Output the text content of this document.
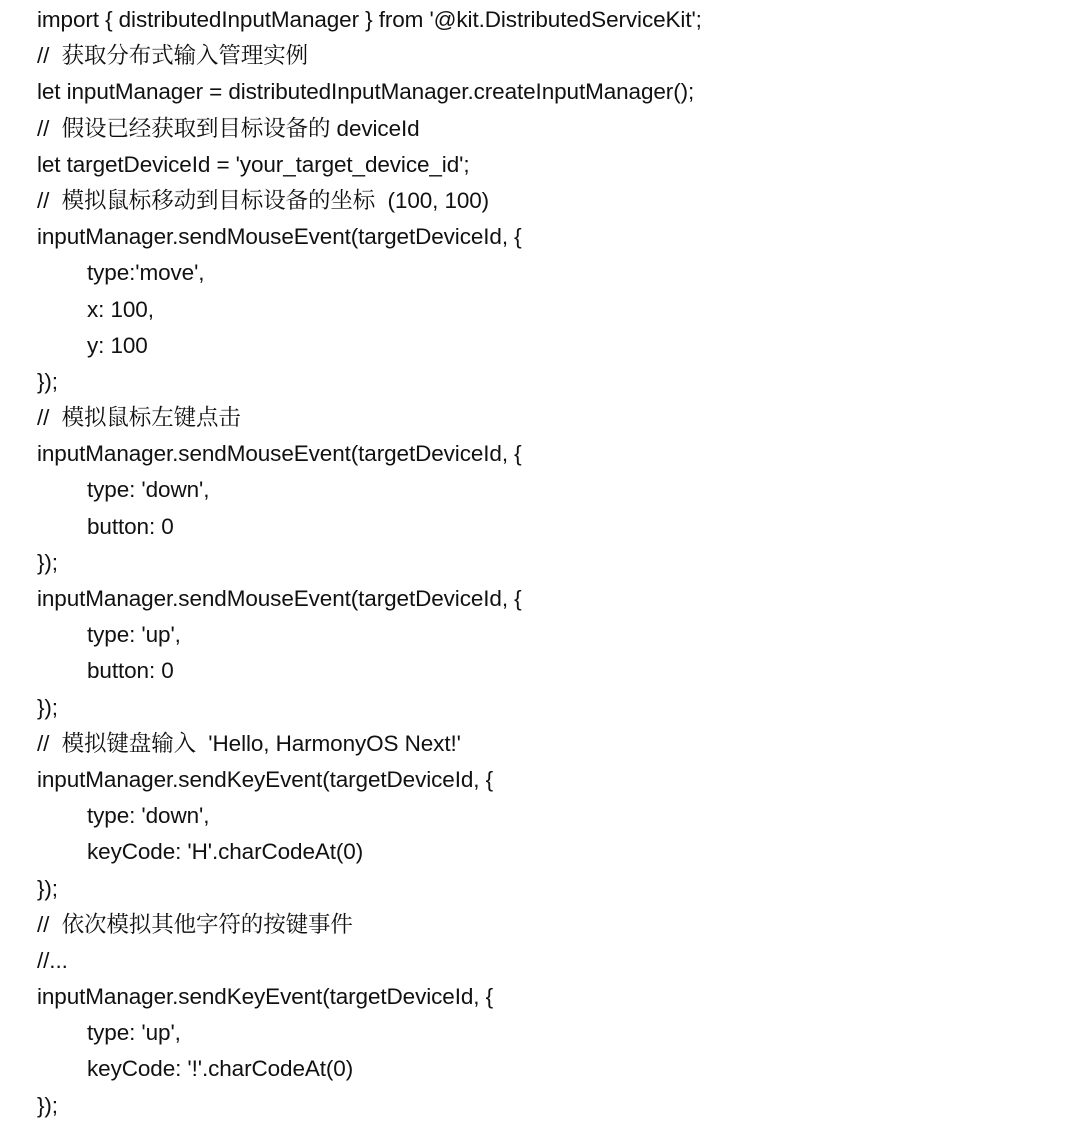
import { distributedInputManager } from '@kit.DistributedServiceKit';
//  获取分布式输入管理实例
let inputManager = distributedInputManager.createInputManager();
//  假设已经获取到目标设备的 deviceId
let targetDeviceId = 'your_target_device_id';
//  模拟鼠标移动到目标设备的坐标  (100, 100)
inputManager.sendMouseEvent(targetDeviceId, {
type:'move',
x: 100,
y: 100
});
//  模拟鼠标左键点击
inputManager.sendMouseEvent(targetDeviceId, {
type: 'down',
button: 0
});
inputManager.sendMouseEvent(targetDeviceId, {
type: 'up',
button: 0
});
//  模拟键盘输入  'Hello, HarmonyOS Next!'
inputManager.sendKeyEvent(targetDeviceId, {
type: 'down',
keyCode: 'H'.charCodeAt(0)
});
//  依次模拟其他字符的按键事件
//...
inputManager.sendKeyEvent(targetDeviceId, {
type: 'up',
keyCode: '!'.charCodeAt(0)
});
